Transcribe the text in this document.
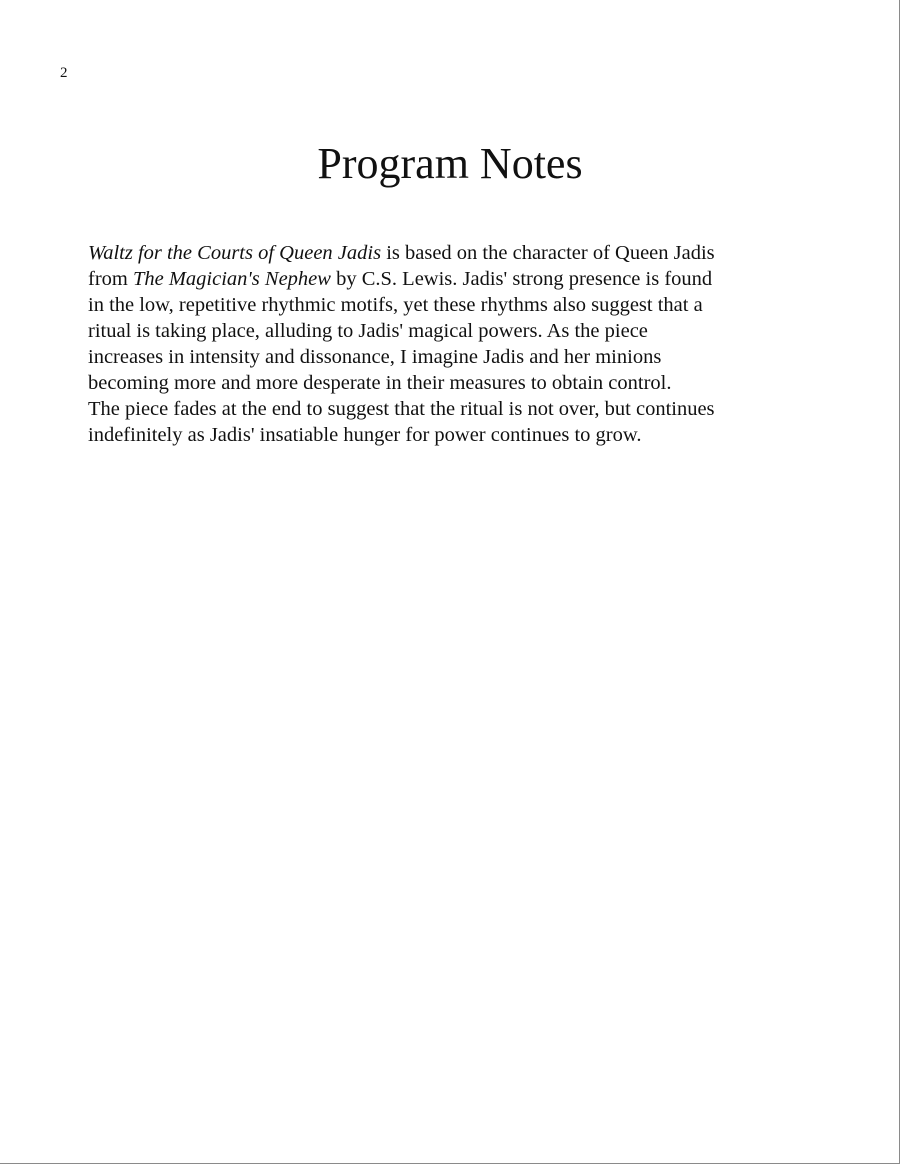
2
Program Notes
Waltz for the Courts of Queen Jadis is based on the character of Queen Jadis
from The Magician's Nephew by C.S. Lewis. Jadis' strong presence is found
in the low, repetitive rhythmic motifs, yet these rhythms also suggest that a
ritual is taking place, alluding to Jadis' magical powers. As the piece
increases in intensity and dissonance, I imagine Jadis and her minions
becoming more and more desperate in their measures to obtain control.
The piece fades at the end to suggest that the ritual is not over, but continues
indefinitely as Jadis' insatiable hunger for power continues to grow.
